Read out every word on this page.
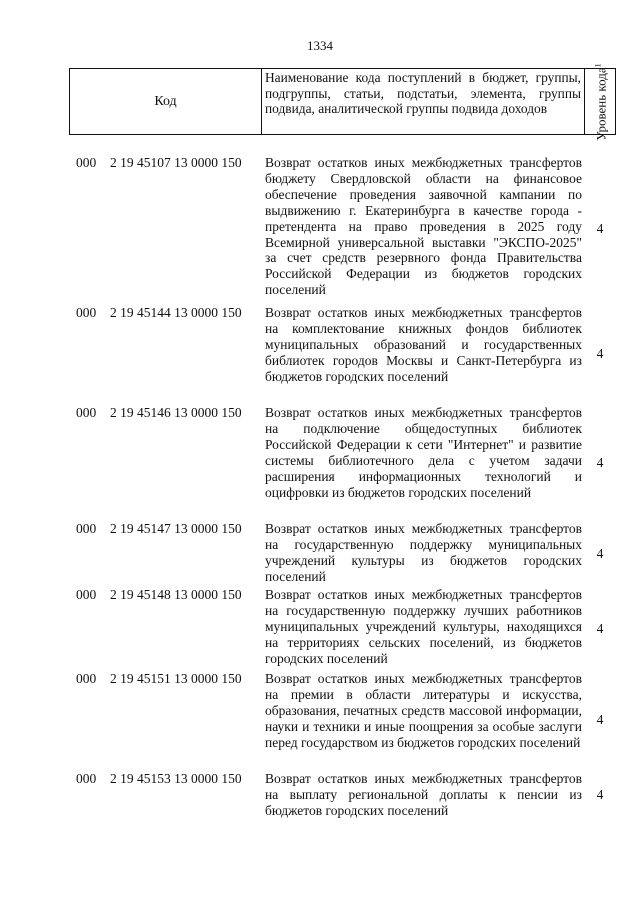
1334
Код
Наименование кода поступлений в бюджет, группы, подгруппы, статьи, подстатьи, элемента, группы подвида, аналитической группы подвида доходов	Уровень кода$^1$
000 2 19 45107 13 0000 150 Возврат остатков иных межбюджетных трансфертов бюджету Свердловской области на финансовое обеспечение проведения заявочной кампании по выдвижению г. Екатеринбурга в качестве города - претендента на право проведения в 2025 году Всемирной универсальной выставки "ЭКСПО-2025" за счет средств резервного фонда Правительства Российской Федерации из бюджетов городских поселений
4
000 2 19 45144 13 0000 150 Возврат остатков иных межбюджетных трансфертов на комплектование книжных фондов библиотек муниципальных образований и государственных библиотек городов Москвы и Санкт-Петербурга из бюджетов городских поселений
4
000 2 19 45146 13 0000 150 Возврат остатков иных межбюджетных трансфертов на подключение общедоступных библиотек Российской Федерации к сети "Интернет" и развитие системы библиотечного дела с учетом задачи расширения информационных технологий и оцифровки из бюджетов городских поселений
4
000 2 19 45147 13 0000 150 Возврат остатков иных межбюджетных трансфертов на государственную поддержку муниципальных учреждений культуры из бюджетов городских поселений
4
000 2 19 45148 13 0000 150 Возврат остатков иных межбюджетных трансфертов на государственную поддержку лучших работников муниципальных учреждений культуры, находящихся на территориях сельских поселений, из бюджетов городских поселений
4
000 2 19 45151 13 0000 150 Возврат остатков иных межбюджетных трансфертов на премии в области литературы и искусства, образования, печатных средств массовой информации, науки и техники и иные поощрения за особые заслуги перед государством из бюджетов городских поселений
4
000 2 19 45153 13 0000 150 Возврат остатков иных межбюджетных трансфертов на выплату региональной доплаты к пенсии из бюджетов городских поселений
4
